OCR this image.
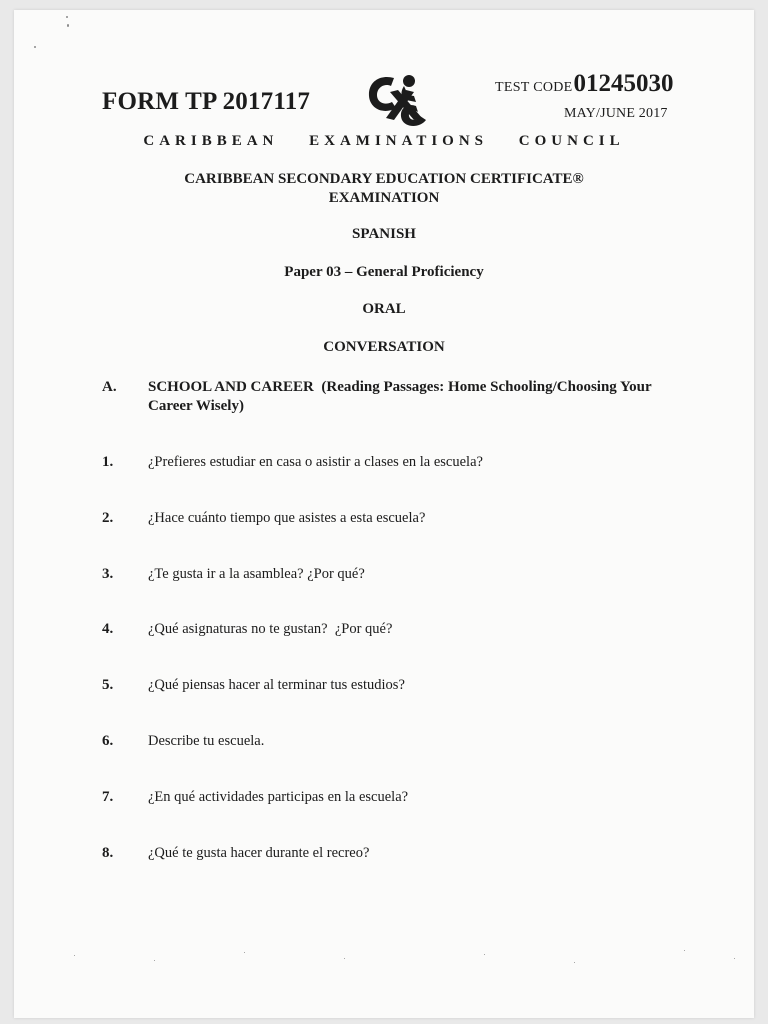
FORM TP 2017117
TEST CODE01245030
MAY/JUNE 2017
CARIBBEAN EXAMINATIONS COUNCIL
CARIBBEAN SECONDARY EDUCATION CERTIFICATE® EXAMINATION
SPANISH
Paper 03 – General Proficiency
ORAL
CONVERSATION
A. SCHOOL AND CAREER  (Reading Passages: Home Schooling/Choosing Your Career Wisely)
1. ¿Prefieres estudiar en casa o asistir a clases en la escuela?
2. ¿Hace cuánto tiempo que asistes a esta escuela?
3. ¿Te gusta ir a la asamblea? ¿Por qué?
4. ¿Qué asignaturas no te gustan?  ¿Por qué?
5. ¿Qué piensas hacer al terminar tus estudios?
6. Describe tu escuela.
7. ¿En qué actividades participas en la escuela?
8. ¿Qué te gusta hacer durante el recreo?
